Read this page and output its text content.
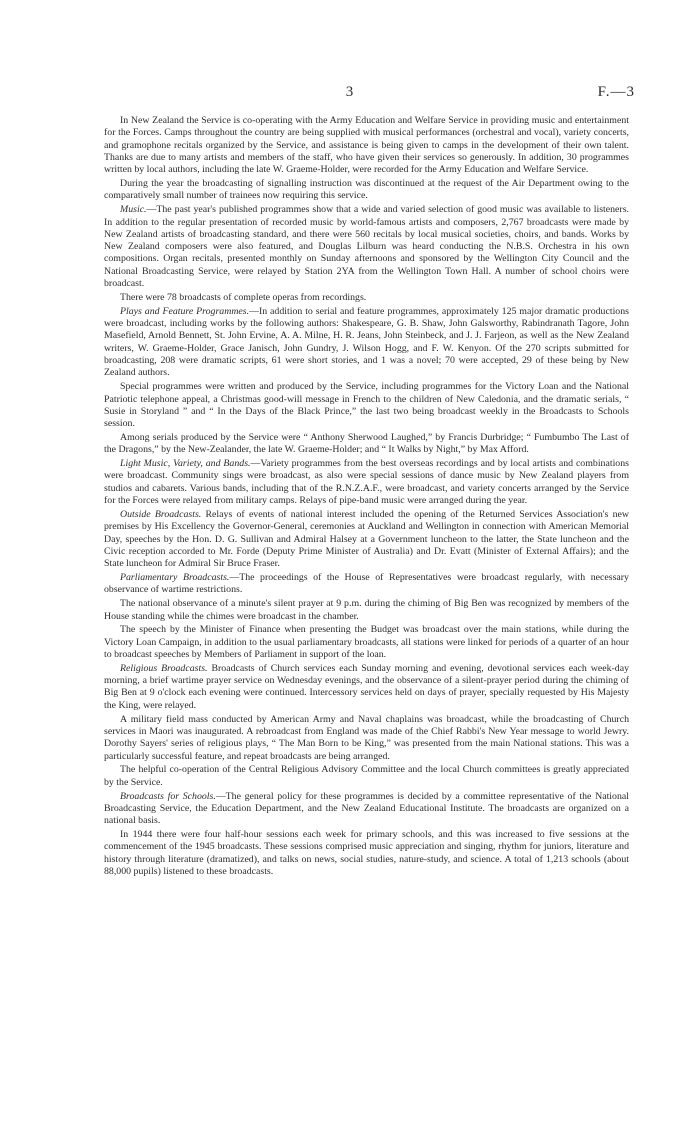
3	F.—3

In New Zealand the Service is co-operating with the Army Education and Welfare Service in providing music and entertainment for the Forces. Camps throughout the country are being supplied with musical performances (orchestral and vocal), variety concerts, and gramophone recitals organized by the Service, and assistance is being given to camps in the development of their own talent. Thanks are due to many artists and members of the staff, who have given their services so generously. In addition, 30 programmes written by local authors, including the late W. Graeme-Holder, were recorded for the Army Education and Welfare Service.

During the year the broadcasting of signalling instruction was discontinued at the request of the Air Department owing to the comparatively small number of trainees now requiring this service.

Music.—The past year's published programmes show that a wide and varied selection of good music was available to listeners. In addition to the regular presentation of recorded music by world-famous artists and composers, 2,767 broadcasts were made by New Zealand artists of broadcasting standard, and there were 560 recitals by local musical societies, choirs, and bands. Works by New Zealand composers were also featured, and Douglas Lilburn was heard conducting the N.B.S. Orchestra in his own compositions. Organ recitals, presented monthly on Sunday afternoons and sponsored by the Wellington City Council and the National Broadcasting Service, were relayed by Station 2YA from the Wellington Town Hall. A number of school choirs were broadcast.

There were 78 broadcasts of complete operas from recordings.

Plays and Feature Programmes.—In addition to serial and feature programmes, approximately 125 major dramatic productions were broadcast, including works by the following authors: Shakespeare, G. B. Shaw, John Galsworthy, Rabindranath Tagore, John Masefield, Arnold Bennett, St. John Ervine, A. A. Milne, H. R. Jeans, John Steinbeck, and J. J. Farjeon, as well as the New Zealand writers, W. Graeme-Holder, Grace Janisch, John Gundry, J. Wilson Hogg, and F. W. Kenyon. Of the 270 scripts submitted for broadcasting, 208 were dramatic scripts, 61 were short stories, and 1 was a novel; 70 were accepted, 29 of these being by New Zealand authors.

Special programmes were written and produced by the Service, including programmes for the Victory Loan and the National Patriotic telephone appeal, a Christmas good-will message in French to the children of New Caledonia, and the dramatic serials, “ Susie in Storyland ” and “ In the Days of the Black Prince,” the last two being broadcast weekly in the Broadcasts to Schools session.

Among serials produced by the Service were “ Anthony Sherwood Laughed,” by Francis Durbridge; “ Fumbumbo The Last of the Dragons,” by the New-Zealander, the late W. Graeme-Holder; and “ It Walks by Night,” by Max Afford.

Light Music, Variety, and Bands.—Variety programmes from the best overseas recordings and by local artists and combinations were broadcast. Community sings were broadcast, as also were special sessions of dance music by New Zealand players from studios and cabarets. Various bands, including that of the R.N.Z.A.F., were broadcast, and variety concerts arranged by the Service for the Forces were relayed from military camps. Relays of pipe-band music were arranged during the year.

Outside Broadcasts. Relays of events of national interest included the opening of the Returned Services Association's new premises by His Excellency the Governor-General, ceremonies at Auckland and Wellington in connection with American Memorial Day, speeches by the Hon. D. G. Sullivan and Admiral Halsey at a Government luncheon to the latter, the State luncheon and the Civic reception accorded to Mr. Forde (Deputy Prime Minister of Australia) and Dr. Evatt (Minister of External Affairs); and the State luncheon for Admiral Sir Bruce Fraser.

Parliamentary Broadcasts.—The proceedings of the House of Representatives were broadcast regularly, with necessary observance of wartime restrictions.

The national observance of a minute's silent prayer at 9 p.m. during the chiming of Big Ben was recognized by members of the House standing while the chimes were broadcast in the chamber.

The speech by the Minister of Finance when presenting the Budget was broadcast over the main stations, while during the Victory Loan Campaign, in addition to the usual parliamentary broadcasts, all stations were linked for periods of a quarter of an hour to broadcast speeches by Members of Parliament in support of the loan.

Religious Broadcasts. Broadcasts of Church services each Sunday morning and evening, devotional services each week-day morning, a brief wartime prayer service on Wednesday evenings, and the observance of a silent-prayer period during the chiming of Big Ben at 9 o'clock each evening were continued. Intercessory services held on days of prayer, specially requested by His Majesty the King, were relayed.

A military field mass conducted by American Army and Naval chaplains was broadcast, while the broadcasting of Church services in Maori was inaugurated. A rebroadcast from England was made of the Chief Rabbi's New Year message to world Jewry. Dorothy Sayers' series of religious plays, “ The Man Born to be King,” was presented from the main National stations. This was a particularly successful feature, and repeat broadcasts are being arranged.

The helpful co-operation of the Central Religious Advisory Committee and the local Church committees is greatly appreciated by the Service.

Broadcasts for Schools.—The general policy for these programmes is decided by a committee representative of the National Broadcasting Service, the Education Department, and the New Zealand Educational Institute. The broadcasts are organized on a national basis.

In 1944 there were four half-hour sessions each week for primary schools, and this was increased to five sessions at the commencement of the 1945 broadcasts. These sessions comprised music appreciation and singing, rhythm for juniors, literature and history through literature (dramatized), and talks on news, social studies, nature-study, and science. A total of 1,213 schools (about 88,000 pupils) listened to these broadcasts.
